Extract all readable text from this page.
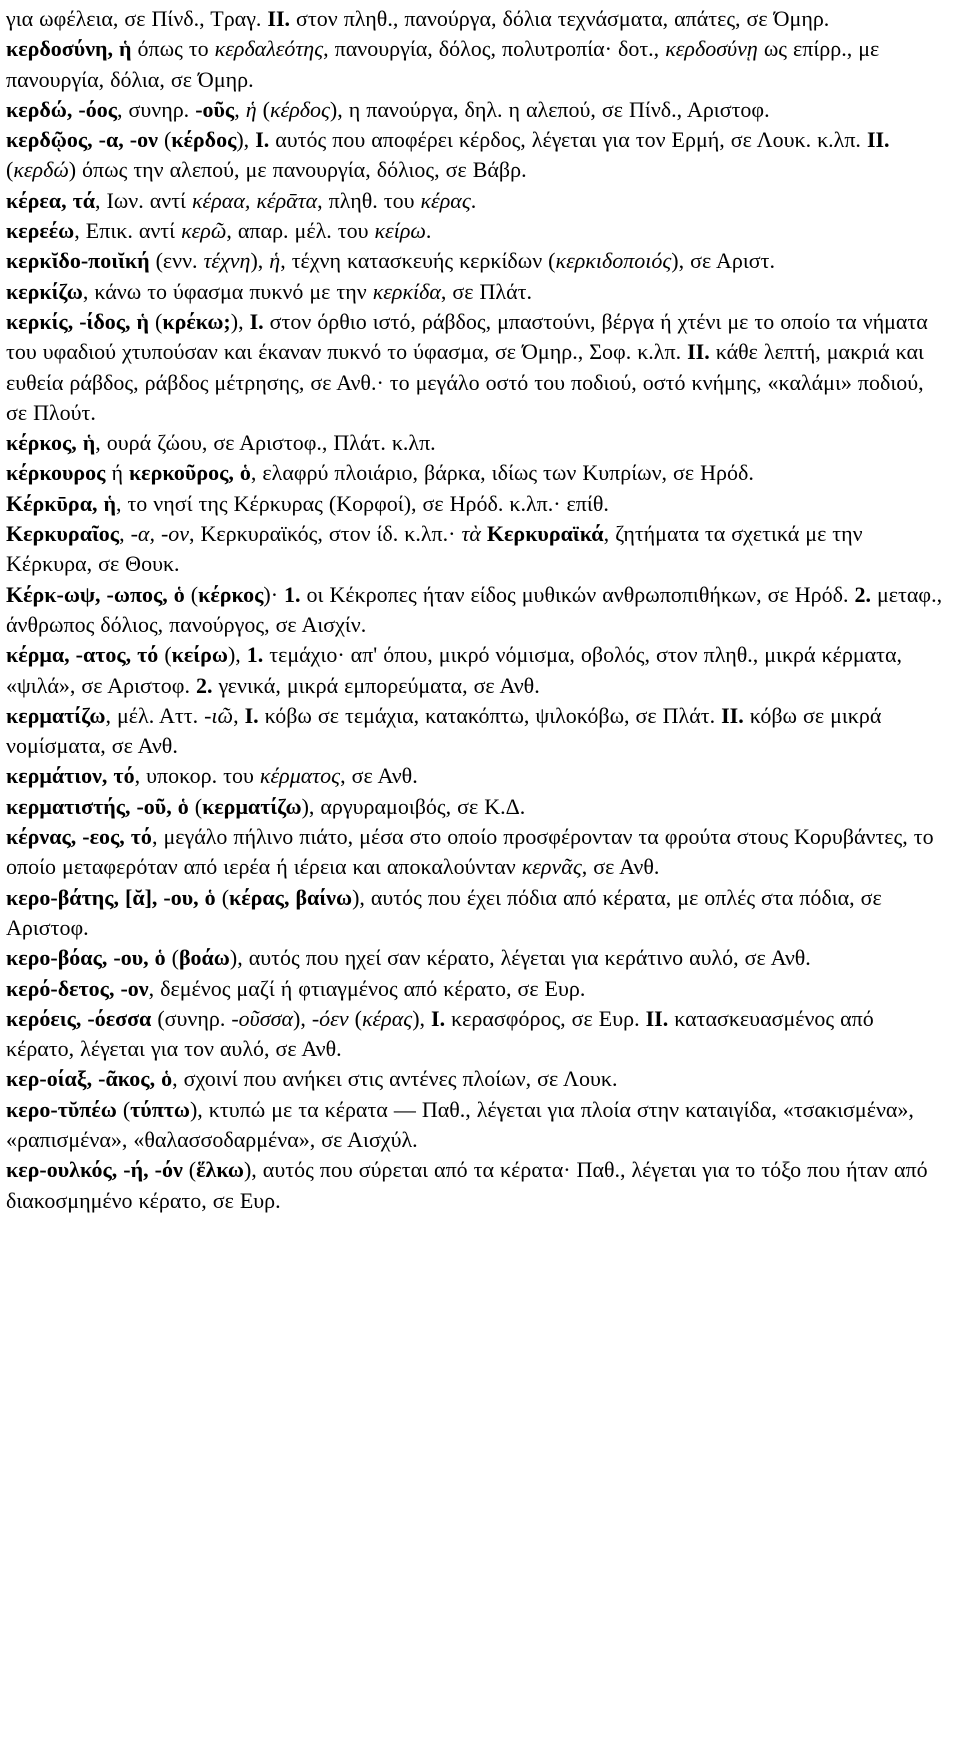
για ωφέλεια, σε Πίνδ., Τραγ. II. στον πληθ., πανούργα, δόλια τεχνάσματα, απάτες, σε Όμηρ.

κερδοσύνη, ἡ όπως το κερδαλεότης, πανουργία, δόλος, πολυτροπία· δοτ., κερδοσύνῃ ως επίρρ., με πανουργία, δόλια, σε Όμηρ.

κερδώ, -όος, συνηρ. -οῦς, ἡ (κέρδος), η πανούργα, δηλ. η αλεπού, σε Πίνδ., Αριστοφ.

κερδῷος, -α, -ον (κέρδος), I. αυτός που αποφέρει κέρδος, λέγεται για τον Ερμή, σε Λουκ. κ.λπ. II. (κερδώ) όπως την αλεπού, με πανουργία, δόλιος, σε Βάβρ.

κέρεα, τά, Ιων. αντί κέραα, κέρᾱτα, πληθ. του κέρας.

κερεέω, Επικ. αντί κερῶ, απαρ. μέλ. του κείρω.

κερκῐδο-ποιῐκή (ενν. τέχνη), ἡ, τέχνη κατασκευής κερκίδων (κερκιδοποιός), σε Αριστ.

κερκίζω, κάνω το ύφασμα πυκνό με την κερκίδα, σε Πλάτ.

κερκίς, -ίδος, ἡ (κρέκω;), I. στον όρθιο ιστό, ράβδος, μπαστούνι, βέργα ή χτένι με το οποίο τα νήματα του υφαδιού χτυπούσαν και έκαναν πυκνό το ύφασμα, σε Όμηρ., Σοφ. κ.λπ. II. κάθε λεπτή, μακριά και ευθεία ράβδος, ράβδος μέτρησης, σε Ανθ.· το μεγάλο οστό του ποδιού, οστό κνήμης, «καλάμι» ποδιού, σε Πλούτ.

κέρκος, ἡ, ουρά ζώου, σε Αριστοφ., Πλάτ. κ.λπ.

κέρκουρος ή κερκοῦρος, ὁ, ελαφρύ πλοιάριο, βάρκα, ιδίως των Κυπρίων, σε Ηρόδ.

Κέρκῡρα, ἡ, το νησί της Κέρκυρας (Κορφοί), σε Ηρόδ. κ.λπ.· επίθ.

Κερκυραῖος, -α, -ον, Κερκυραϊκός, στον ίδ. κ.λπ.· τὰ Κερκυραϊκά, ζητήματα τα σχετικά με την Κέρκυρα, σε Θουκ.

Κέρκ-ωψ, -ωπος, ὁ (κέρκος)· 1. οι Κέκροπες ήταν είδος μυθικών ανθρωποπιθήκων, σε Ηρόδ. 2. μεταφ., άνθρωπος δόλιος, πανούργος, σε Αισχίν.

κέρμα, -ατος, τό (κείρω), 1. τεμάχιο· απ' όπου, μικρό νόμισμα, οβολός, στον πληθ., μικρά κέρματα, «ψιλά», σε Αριστοφ. 2. γενικά, μικρά εμπορεύματα, σε Ανθ.

κερματίζω, μέλ. Αττ. -ιῶ, I. κόβω σε τεμάχια, κατακόπτω, ψιλοκόβω, σε Πλάτ. II. κόβω σε μικρά νομίσματα, σε Ανθ.

κερμάτιον, τό, υποκορ. του κέρματος, σε Ανθ.

κερματιστής, -οῦ, ὁ (κερματίζω), αργυραμοιβός, σε Κ.Δ.

κέρνας, -εος, τό, μεγάλο πήλινο πιάτο, μέσα στο οποίο προσφέρονταν τα φρούτα στους Κορυβάντες, το οποίο μεταφερόταν από ιερέα ή ιέρεια και αποκαλούνταν κερνᾶς, σε Ανθ.

κερο-βάτης, [ᾰ], -ου, ὁ (κέρας, βαίνω), αυτός που έχει πόδια από κέρατα, με οπλές στα πόδια, σε Αριστοφ.

κερο-βόας, -ου, ὁ (βοάω), αυτός που ηχεί σαν κέρατο, λέγεται για κεράτινο αυλό, σε Ανθ.

κερό-δετος, -ον, δεμένος μαζί ή φτιαγμένος από κέρατο, σε Ευρ.

κερόεις, -όεσσα (συνηρ. -οῦσσα), -όεν (κέρας), I. κερασφόρος, σε Ευρ. II. κατασκευασμένος από κέρατο, λέγεται για τον αυλό, σε Ανθ.

κερ-οίαξ, -ᾶκος, ὁ, σχοινί που ανήκει στις αντένες πλοίων, σε Λουκ.

κερο-τῠπέω (τύπτω), κτυπώ με τα κέρατα — Παθ., λέγεται για πλοία στην καταιγίδα, «τσακισμένα», «ραπισμένα», «θαλασσοδαρμένα», σε Αισχύλ.

κερ-ουλκός, -ή, -όν (ἕλκω), αυτός που σύρεται από τα κέρατα· Παθ., λέγεται για το τόξο που ήταν από διακοσμημένο κέρατο, σε Ευρ.
